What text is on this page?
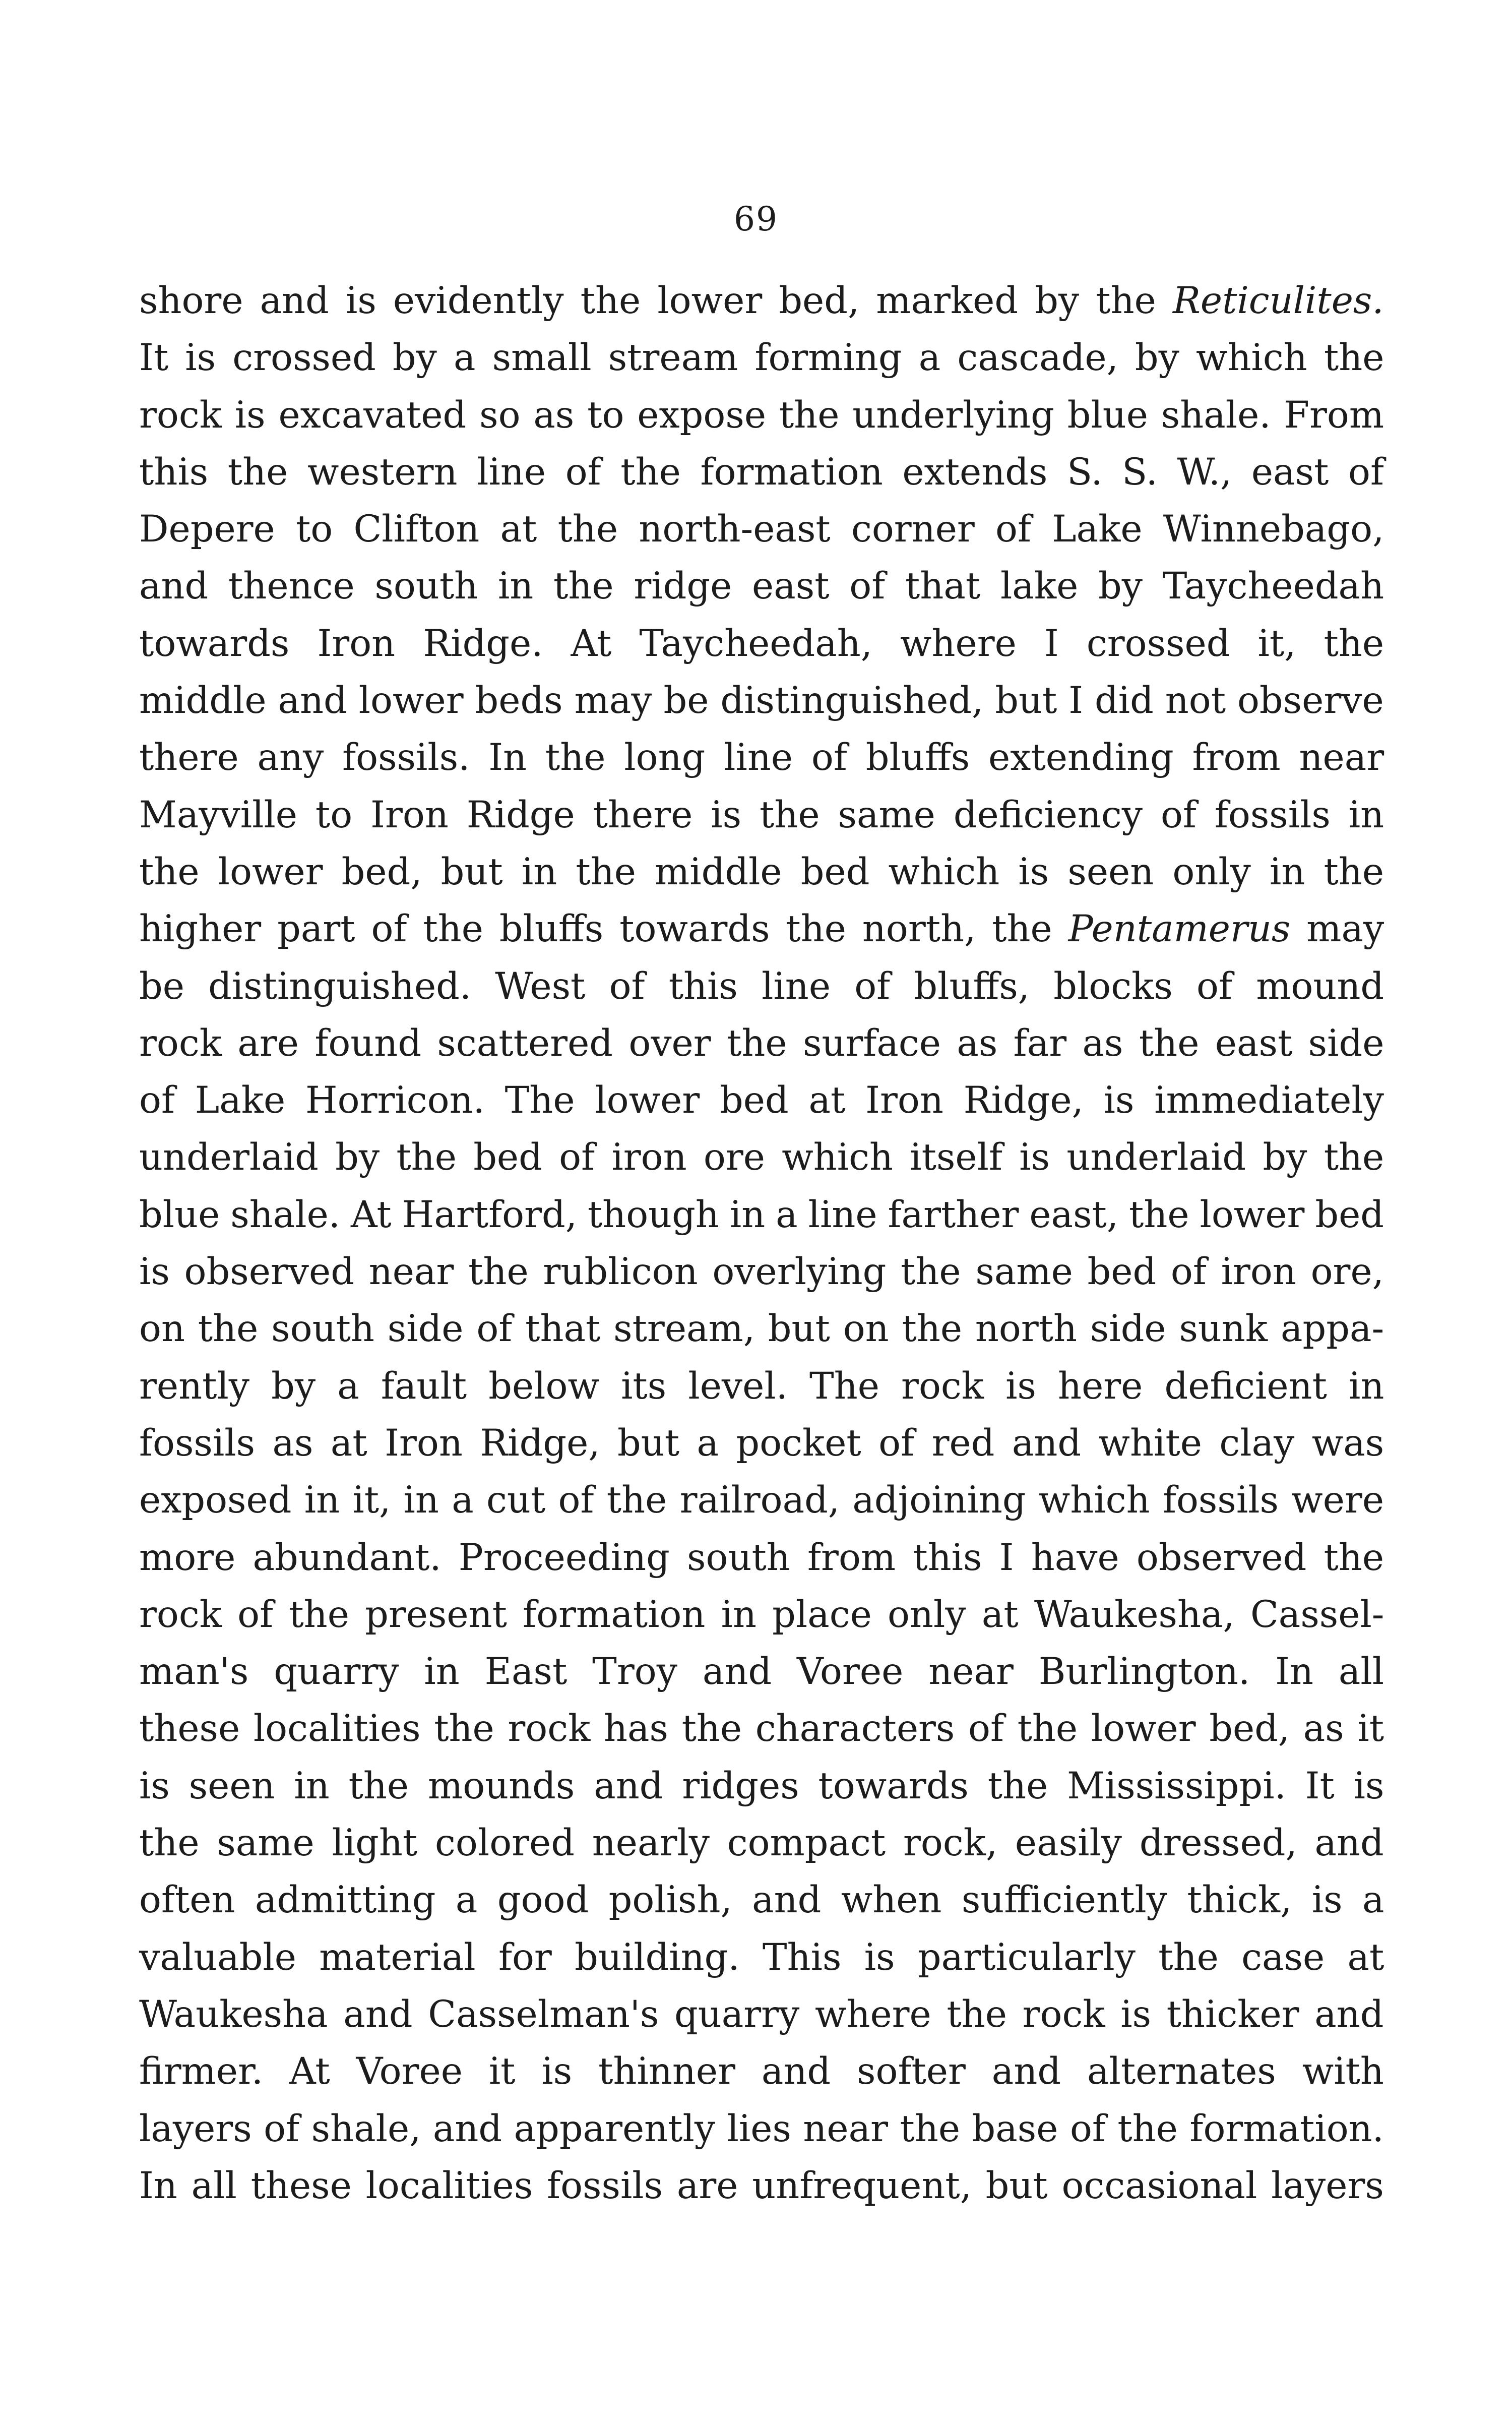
69
shore and is evidently the lower bed, marked by the Reticulites.
It is crossed by a small stream forming a cascade, by which the
rock is excavated so as to expose the underlying blue shale. From
this the western line of the formation extends S. S. W., east of
Depere to Clifton at the north-east corner of Lake Winnebago,
and thence south in the ridge east of that lake by Taycheedah
towards Iron Ridge. At Taycheedah, where I crossed it, the
middle and lower beds may be distinguished, but I did not observe
there any fossils. In the long line of bluffs extending from near
Mayville to Iron Ridge there is the same deficiency of fossils in
the lower bed, but in the middle bed which is seen only in the
higher part of the bluffs towards the north, the Pentamerus may
be distinguished. West of this line of bluffs, blocks of mound
rock are found scattered over the surface as far as the east side
of Lake Horricon. The lower bed at Iron Ridge, is immediately
underlaid by the bed of iron ore which itself is underlaid by the
blue shale. At Hartford, though in a line farther east, the lower bed
is observed near the rublicon overlying the same bed of iron ore,
on the south side of that stream, but on the north side sunk appa-
rently by a fault below its level. The rock is here deficient in
fossils as at Iron Ridge, but a pocket of red and white clay was
exposed in it, in a cut of the railroad, adjoining which fossils were
more abundant. Proceeding south from this I have observed the
rock of the present formation in place only at Waukesha, Cassel-
man's quarry in East Troy and Voree near Burlington. In all
these localities the rock has the characters of the lower bed, as it
is seen in the mounds and ridges towards the Mississippi. It is
the same light colored nearly compact rock, easily dressed, and
often admitting a good polish, and when sufficiently thick, is a
valuable material for building. This is particularly the case at
Waukesha and Casselman's quarry where the rock is thicker and
firmer. At Voree it is thinner and softer and alternates with
layers of shale, and apparently lies near the base of the formation.
In all these localities fossils are unfrequent, but occasional layers
